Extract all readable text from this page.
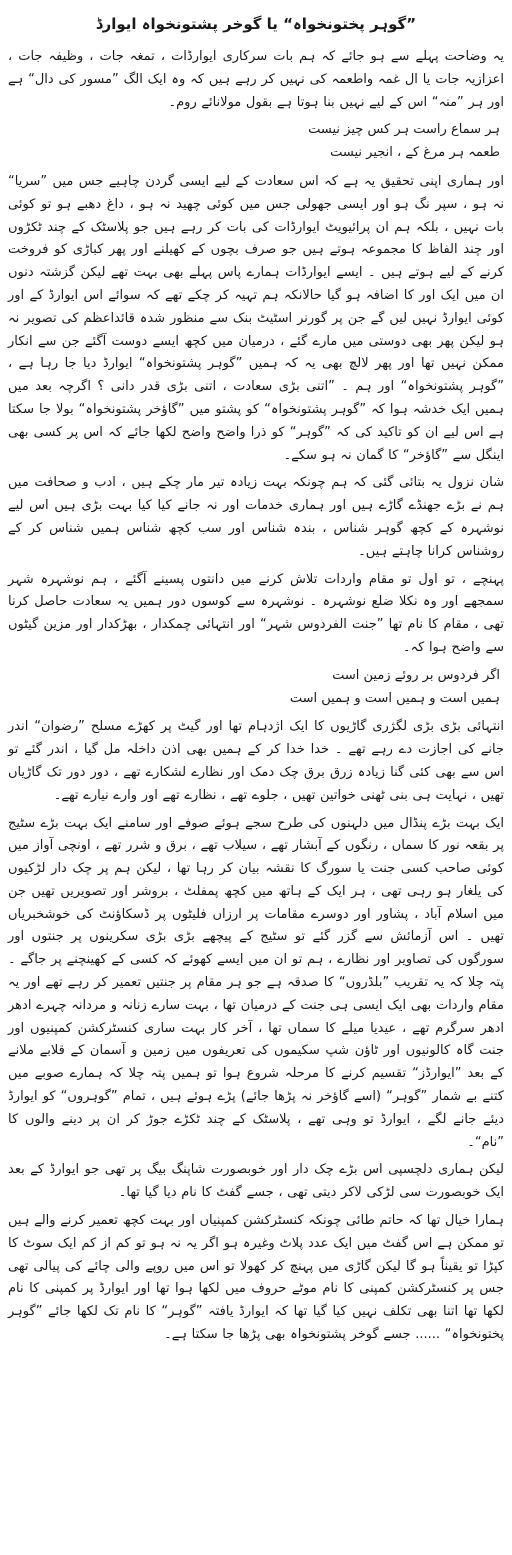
”گوہر پختونخواہ“ یا گوخر پشتونخواہ ایوارڈ

یہ وضاحت پہلے سے ہو جائے کہ ہم بات سرکاری ایوارڈات ، تمغہ جات ، وظیفہ جات ، اعزازیہ جات یا ال غمہ واطعمہ کی نہیں کر رہے ہیں کہ وہ ایک الگ ”مسور کی دال“ ہے اور ہر ”منہ“ اس کے لیے نہیں بنا ہوتا ہے بقول مولانائے روم۔

ہر سماع راست ہر کس چیز نیست

طعمہ ہر مرغ کے ، انجیر نیست

اور ہماری اپنی تحقیق یہ ہے کہ اس سعادت کے لیے ایسی گردن چاہیے جس میں ”سریا“ نہ ہو ، سپر نگ ہو اور ایسی جھولی جس میں کوئی چھید نہ ہو ، داغ دھبے ہو تو کوئی بات نہیں ، بلکہ ہم ان پرائیویٹ ایوارڈات کی بات کر رہے ہیں جو پلاسٹک کے چند ٹکڑوں اور چند الفاظ کا مجموعہ ہوتے ہیں جو صرف بچوں کے کھیلنے اور پھر کباڑی کو فروخت کرنے کے لیے ہوتے ہیں ۔ ایسے ایوارڈات ہمارے پاس پہلے بھی بہت تھے لیکن گزشتہ دنوں ان میں ایک اور کا اضافہ ہو گیا حالانکہ ہم تہیہ کر چکے تھے کہ سوائے اس ایوارڈ کے اور کوئی ایوارڈ نہیں لیں گے جن پر گورنر اسٹیٹ بنک سے منظور شدہ قائداعظم کی تصویر نہ ہو لیکن پھر بھی دوستی میں مارے گئے ، درمیان میں کچھ ایسے دوست آگئے جن سے انکار ممکن نہیں تھا اور پھر لالچ بھی یہ کہ ہمیں ”گوہر پشتونخواہ“ ایوارڈ دیا جا رہا ہے ، ”گوہر پشتونخواہ“ اور ہم ۔ ”اتنی بڑی سعادت ، اتنی بڑی قدر دانی ؟ اگرچہ بعد میں ہمیں ایک خدشہ ہوا کہ ”گوہر پشتونخواہ“ کو پشتو میں ”گاؤخر پشتونخواہ“ بولا جا سکتا ہے اس لیے ان کو تاکید کی کہ ”گوہر“ کو ذرا واضح واضح لکھا جائے کہ اس پر کسی بھی اینگل سے ”گاؤخر“ کا گمان نہ ہو سکے۔

شان نزول یہ بتائی گئی کہ ہم چونکہ بہت زیادہ تیر مار چکے ہیں ، ادب و صحافت میں ہم نے بڑے جھنڈے گاڑے ہیں اور ہماری خدمات اور نہ جانے کیا کیا بہت بڑی ہیں اس لیے نوشہرہ کے کچھ گوہر شناس ، بندہ شناس اور سب کچھ شناس ہمیں شناس کر کے روشناس کرانا چاہتے ہیں۔

پہنچے ، تو اول تو مقام واردات تلاش کرنے میں دانتوں پسینے آگئے ، ہم نوشہرہ شہر سمجھے اور وہ نکلا ضلع نوشہرہ ۔ نوشہرہ سے کوسوں دور ہمیں یہ سعادت حاصل کرنا تھی ، مقام کا نام تھا ”جنت الفردوس شہر“ اور انتہائی چمکدار ، بھڑکدار اور مزین گیٹوں سے واضح ہوا کہ۔

اگر فردوس بر روئے زمین است

ہمیں است و ہمیں است و ہمیں است

انتہائی بڑی بڑی لگژری گاڑیوں کا ایک اژدہام تھا اور گیٹ پر کھڑے مسلح ”رضوان“ اندر جانے کی اجازت دے رہے تھے ۔ خدا خدا کر کے ہمیں بھی اذن داخلہ مل گیا ، اندر گئے تو اس سے بھی کئی گنا زیادہ زرق برق چک دمک اور نظارے لشکارے تھے ، دور دور تک گاڑیاں تھیں ، نہایت ہی بنی ٹھنی خواتین تھیں ، جلوے تھے ، نظارے تھے اور وارے نیارے تھے۔

ایک بہت بڑے پنڈال میں دلہنوں کی طرح سجے ہوئے صوفے اور سامنے ایک بہت بڑے سٹیج پر بقعہ نور کا سماں ، رنگوں کے آبشار تھے ، سیلاب تھے ، برق و شرر تھے ، اونچی آواز میں کوئی صاحب کسی جنت یا سورگ کا نقشہ بیان کر رہا تھا ، لیکن ہم پر چک دار لڑکیوں کی یلغار ہو رہی تھی ، ہر ایک کے ہاتھ میں کچھ پمفلٹ ، بروشر اور تصویریں تھیں جن میں اسلام آباد ، پشاور اور دوسرے مقامات پر ارزاں فلیٹوں پر ڈسکاؤنٹ کی خوشخبریاں تھیں ۔ اس آزمائش سے گزر گئے تو سٹیج کے پیچھے بڑی بڑی سکرینوں پر جنتوں اور سورگوں کی تصاویر اور نظارے ، ہم تو ان میں ایسے کھوئے کہ کسی کے کھینچنے پر جاگے ۔ پتہ چلا کہ یہ تقریب ”بلڈروں“ کا صدقہ ہے جو ہر مقام پر جنتیں تعمیر کر رہے تھے اور یہ مقام واردات بھی ایک ایسی ہی جنت کے درمیان تھا ، بہت سارے زنانہ و مردانہ چہرے ادھر ادھر سرگرم تھے ، عیدیا میلے کا سماں تھا ، آخر کار بہت ساری کنسٹرکشن کمپنیوں اور جنت گاہ کالونیوں اور ٹاؤن شپ سکیموں کی تعریفوں میں زمین و آسمان کے قلابے ملانے کے بعد ”ایوارڈز“ تقسیم کرنے کا مرحلہ شروع ہوا تو ہمیں پتہ چلا کہ ہمارے صوبے میں کتنے بے شمار ”گوہر“ (اسے گاؤخر نہ پڑھا جائے) پڑے ہوئے ہیں ، تمام ”گوہروں“ کو ایوارڈ دیئے جانے لگے ، ایوارڈ تو وہی تھے ، پلاسٹک کے چند ٹکڑے جوڑ کر ان پر دینے والوں کا ”نام“۔

لیکن ہماری دلچسپی اس بڑے چک دار اور خوبصورت شاپنگ بیگ پر تھی جو ایوارڈ کے بعد ایک خوبصورت سی لڑکی لاکر دیتی تھی ، جسے گفٹ کا نام دیا گیا تھا۔

ہمارا خیال تھا کہ حاتم طائی چونکہ کنسٹرکشن کمپنیاں اور بہت کچھ تعمیر کرنے والے ہیں تو ممکن ہے اس گفٹ میں ایک عدد پلاٹ وغیرہ ہو اگر یہ نہ ہو تو کم از کم ایک سوٹ کا کپڑا تو یقیناً ہو گا لیکن گاڑی میں پہنچ کر کھولا تو اس میں روپے والی چائے کی پیالی تھی جس پر کنسٹرکشن کمپنی کا نام موٹے حروف میں لکھا ہوا تھا اور ایوارڈ پر کمپنی کا نام لکھا تھا اتنا بھی تکلف نہیں کیا گیا تھا کہ ایوارڈ یافتہ ”گوہر“ کا نام تک لکھا جائے ”گوہر پختونخواہ“ ...... جسے گوخر پشتونخواہ بھی پڑھا جا سکتا ہے۔
